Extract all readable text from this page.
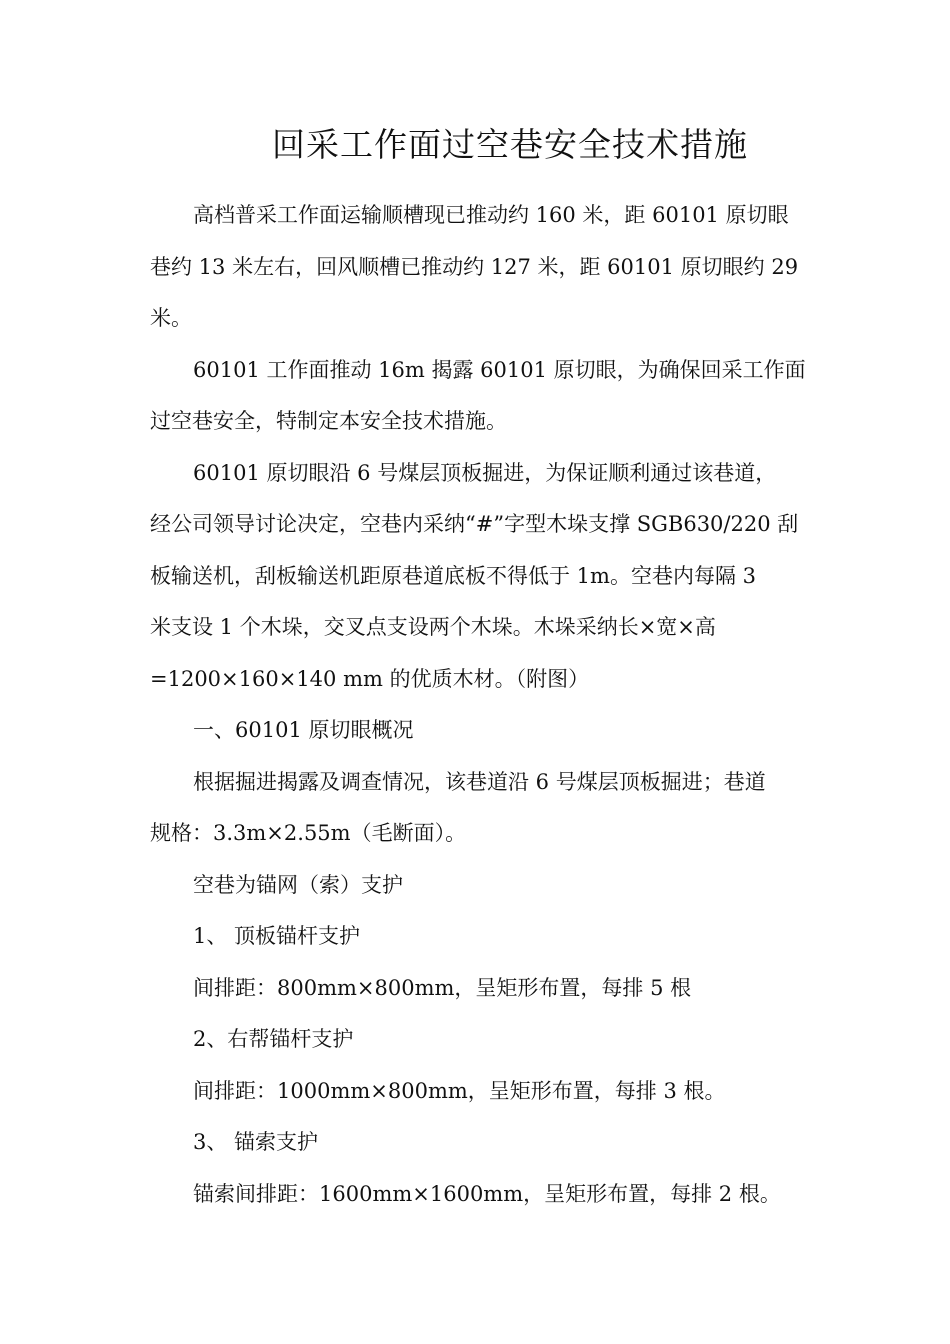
回采工作面过空巷安全技术措施

高档普采工作面运输顺槽现已推动约 160 米，距 60101 原切眼

巷约 13 米左右，回风顺槽已推动约 127 米，距 60101 原切眼约 29

米。

60101 工作面推动 16m 揭露 60101 原切眼，为确保回采工作面

过空巷安全，特制定本安全技术措施。

60101 原切眼沿 6 号煤层顶板掘进，为保证顺利通过该巷道，

经公司领导讨论决定，空巷内采纳“#”字型木垛支撑 SGB630/220 刮

板输送机，刮板输送机距原巷道底板不得低于 1m。空巷内每隔 3

米支设 1 个木垛，交叉点支设两个木垛。木垛采纳长×宽×高

=1200×160×140 mm 的优质木材。（附图）

一、60101 原切眼概况

根据掘进揭露及调查情况，该巷道沿 6 号煤层顶板掘进；巷道

规格：3.3m×2.55m（毛断面）。

空巷为锚网（索）支护

1、 顶板锚杆支护

间排距：800mm×800mm，呈矩形布置，每排 5 根

2、右帮锚杆支护

间排距：1000mm×800mm，呈矩形布置，每排 3 根。

3、 锚索支护

锚索间排距：1600mm×1600mm，呈矩形布置，每排 2 根。
